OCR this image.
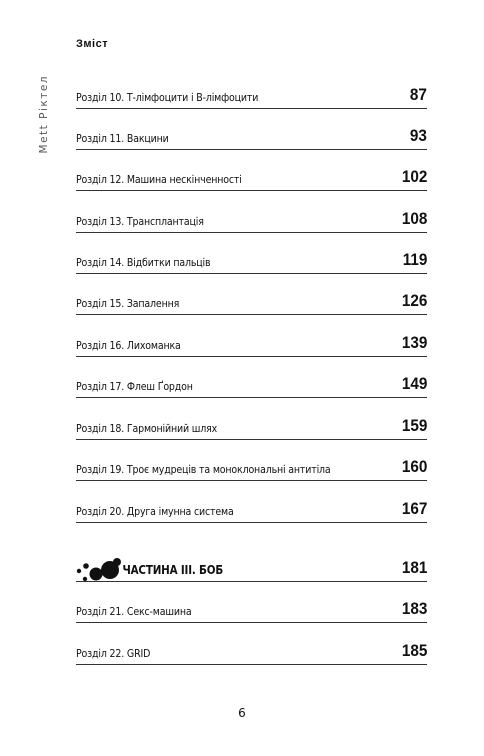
Зміст
Мett Ріктел Розділ 10. Т-лімфоцити і В-лімфоцити	87
Розділ 11. Вакцини	93
Розділ 12. Машина нескінченності	102
Розділ 13. Трансплантація	108
Розділ 14. Відбитки пальців	119
Розділ 15. Запалення	126
Розділ 16. Лихоманка	139
Розділ 17. Флеш Ґордон	149
Розділ 18. Гармонійний шлях	159
Розділ 19. Троє мудреців та моноклональні антитіла	160
Розділ 20. Друга імунна система	167
ЧАСТИНА III. БОБ	181
Розділ 21. Секс-машина	183
Розділ 22. GRID	185
6
